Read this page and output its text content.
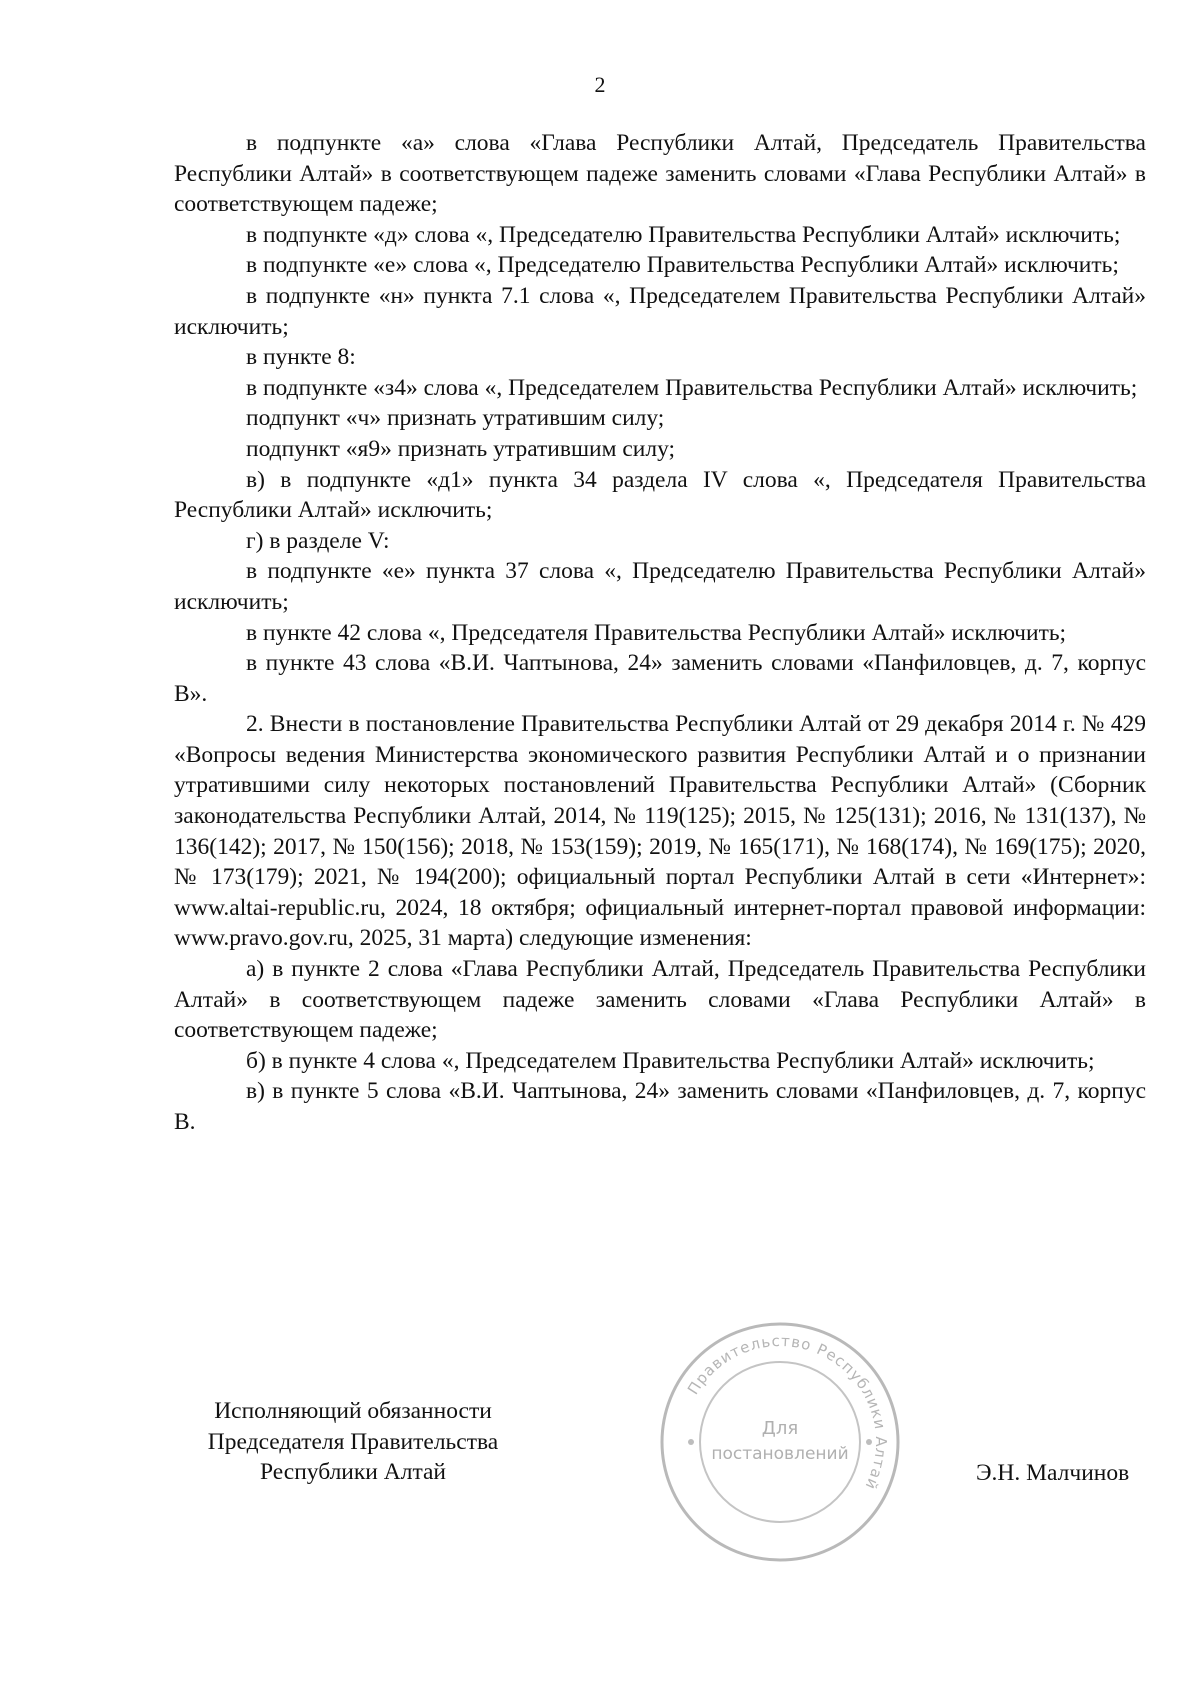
2

в подпункте «а» слова «Глава Республики Алтай, Председатель Правительства Республики Алтай» в соответствующем падеже заменить словами «Глава Республики Алтай» в соответствующем падеже;

в подпункте «д» слова «, Председателю Правительства Республики Алтай» исключить;

в подпункте «е» слова «, Председателю Правительства Республики Алтай» исключить;

в подпункте «н» пункта 7.1 слова «, Председателем Правительства Республики Алтай» исключить;

в пункте 8:

в подпункте «з4» слова «, Председателем Правительства Республики Алтай» исключить;

подпункт «ч» признать утратившим силу;

подпункт «я9» признать утратившим силу;

в) в подпункте «д1» пункта 34 раздела IV слова «, Председателя Правительства Республики Алтай» исключить;

г) в разделе V:

в подпункте «е» пункта 37 слова «, Председателю Правительства Республики Алтай» исключить;

в пункте 42 слова «, Председателя Правительства Республики Алтай» исключить;

в пункте 43 слова «В.И. Чаптынова, 24» заменить словами «Панфиловцев, д. 7, корпус В».

2. Внести в постановление Правительства Республики Алтай от 29 декабря 2014 г. № 429 «Вопросы ведения Министерства экономического развития Республики Алтай и о признании утратившими силу некоторых постановлений Правительства Республики Алтай» (Сборник законодательства Республики Алтай, 2014, № 119(125); 2015, № 125(131); 2016, № 131(137), № 136(142); 2017, № 150(156); 2018, № 153(159); 2019, № 165(171), № 168(174), № 169(175); 2020, № 173(179); 2021, № 194(200); официальный портал Республики Алтай в сети «Интернет»: www.altai-republic.ru, 2024, 18 октября; официальный интернет-портал правовой информации: www.pravo.gov.ru, 2025, 31 марта) следующие изменения:

а) в пункте 2 слова «Глава Республики Алтай, Председатель Правительства Республики Алтай» в соответствующем падеже заменить словами «Глава Республики Алтай» в соответствующем падеже;

б) в пункте 4 слова «, Председателем Правительства Республики Алтай» исключить;

в) в пункте 5 слова «В.И. Чаптынова, 24» заменить словами «Панфиловцев, д. 7, корпус В.

Исполняющий обязанности
Председателя Правительства
Республики Алтай
Правительство Республики Алтай
Для
постановлений
Э.Н. Малчинов
